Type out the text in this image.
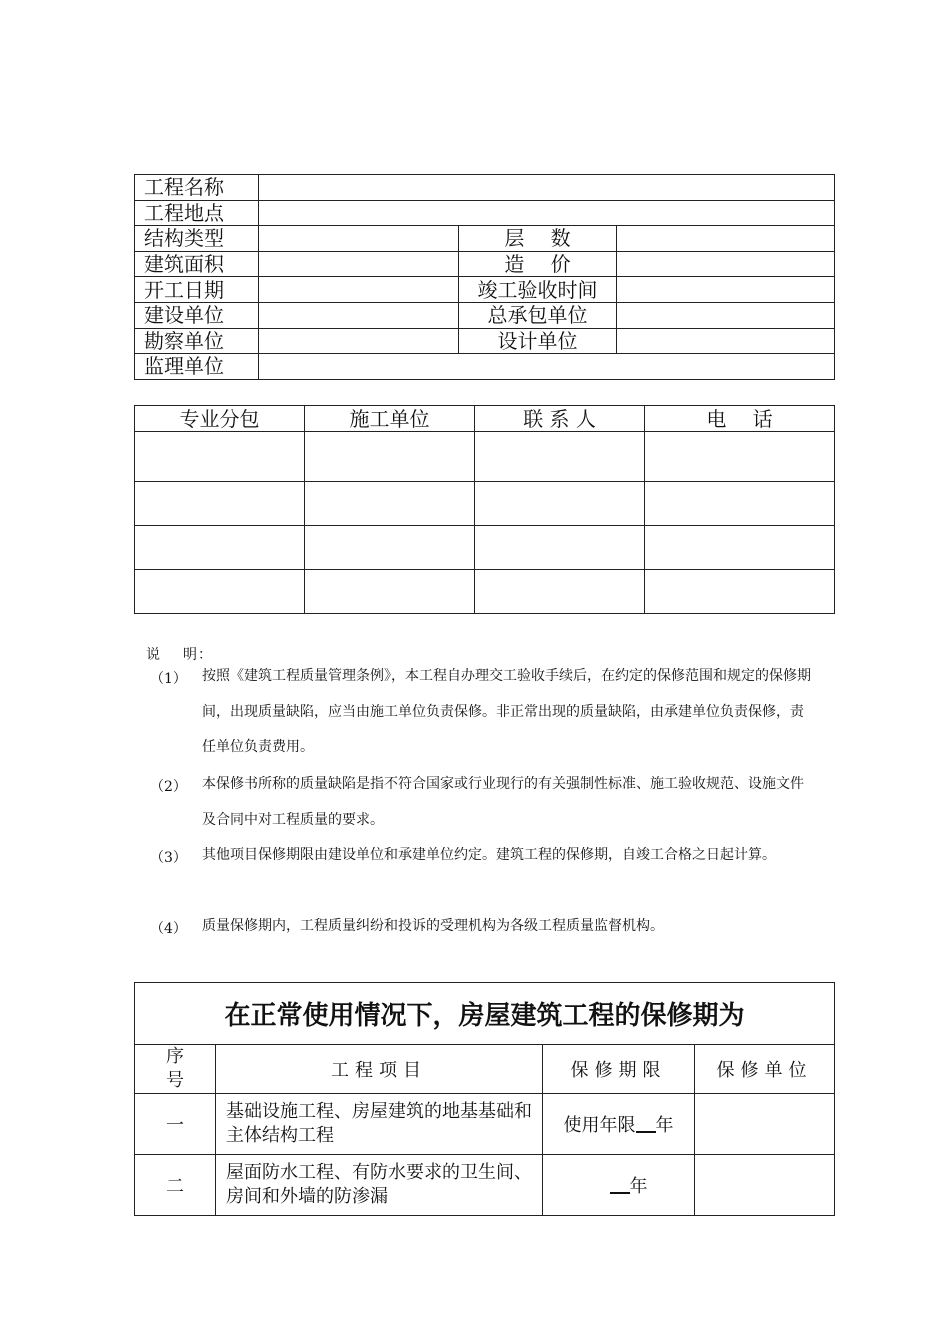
工程名称			
工程地点			
结构类型		层　 数	
建筑面积		造　 价	
开工日期		竣工验收时间	
建设单位		总承包单位	
勘察单位		设计单位	
监理单位			
专业分包	施工单位	联 系 人	电　 话

说 明：
（1） 按照《建筑工程质量管理条例》，本工程自办理交工验收手续后，在约定的保修范围和规定的保修期间，出现质量缺陷，应当由施工单位负责保修。非正常出现的质量缺陷，由承建单位负责保修，责任单位负责费用。
（2） 本保修书所称的质量缺陷是指不符合国家或行业现行的有关强制性标准、施工验收规范、设施文件及合同中对工程质量的要求。
（3） 其他项目保修期限由建设单位和承建单位约定。建筑工程的保修期，自竣工合格之日起计算。
（4） 质量保修期内，工程质量纠纷和投诉的受理机构为各级工程质量监督机构。
在正常使用情况下，房屋建筑工程的保修期为			
序号	工程项目	保修期限	保修单位
一	基础设施工程、房屋建筑的地基基础和主体结构工程	使用年限 年	
二	屋面防水工程、有防水要求的卫生间、房间和外墙的防渗漏	年	
